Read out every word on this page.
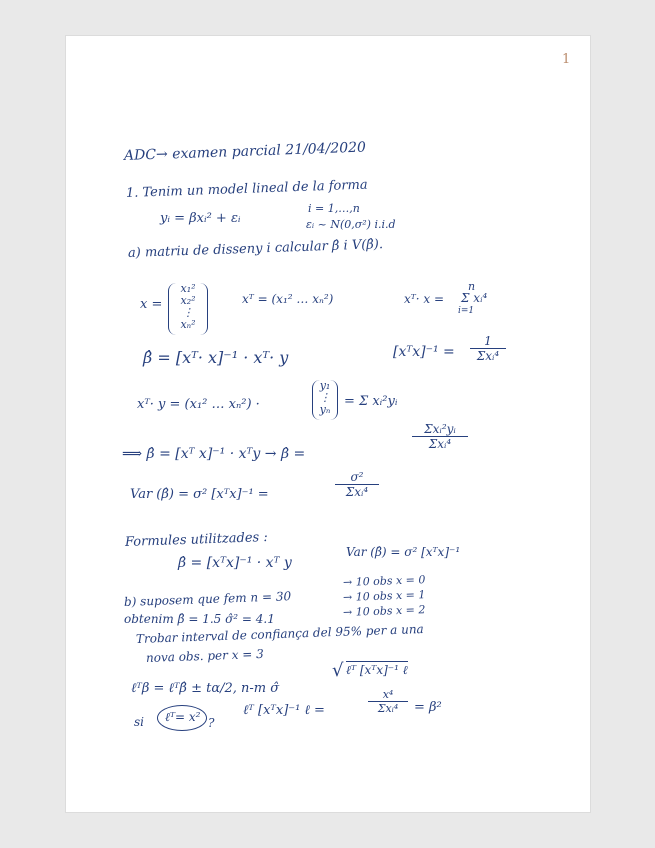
1
ADC→ examen parcial 21/04/2020
1. Tenim un model lineal de la forma
yᵢ = βxᵢ² + εᵢ
i = 1,…,n
εᵢ ~ N(0,σ²) i.i.d
a) matriu de disseny i calcular β̂ i V(β̂).
x =
x₁²
x₂²
⋮
xₙ²
xᵀ = (x₁² … xₙ²)	xᵀ· x =
n
Σ xᵢ⁴
i=1
β̂ = [xᵀ· x]⁻¹ · xᵀ· y	[xᵀx]⁻¹ =
1
Σxᵢ⁴
xᵀ· y = (x₁² … xₙ²) ·
y₁
⋮
yₙ
= Σ xᵢ²yᵢ
⟹ β̂ = [xᵀ x]⁻¹ · xᵀy → β̂ =
Σxᵢ²yᵢ
Σxᵢ⁴
Var (β̂) = σ² [xᵀx]⁻¹ =
σ²
Σxᵢ⁴
Formules utilitzades :
β̂ = [xᵀx]⁻¹ · xᵀ y
Var (β̂) = σ² [xᵀx]⁻¹
b) suposem que fem n = 30
obtenim β̂ = 1.5 σ̂² = 4.1
→ 10 obs x = 0
→ 10 obs x = 1
→ 10 obs x = 2
Trobar interval de confiança del 95% per a una
nova obs. per x = 3
ℓᵀβ = ℓᵀβ̂ ± tα/2, n-m σ̂
√ ℓᵀ [xᵀx]⁻¹ ℓ
si ℓᵀ= x² ?
ℓᵀ [xᵀx]⁻¹ ℓ =
x⁴
Σxᵢ⁴	= β²
